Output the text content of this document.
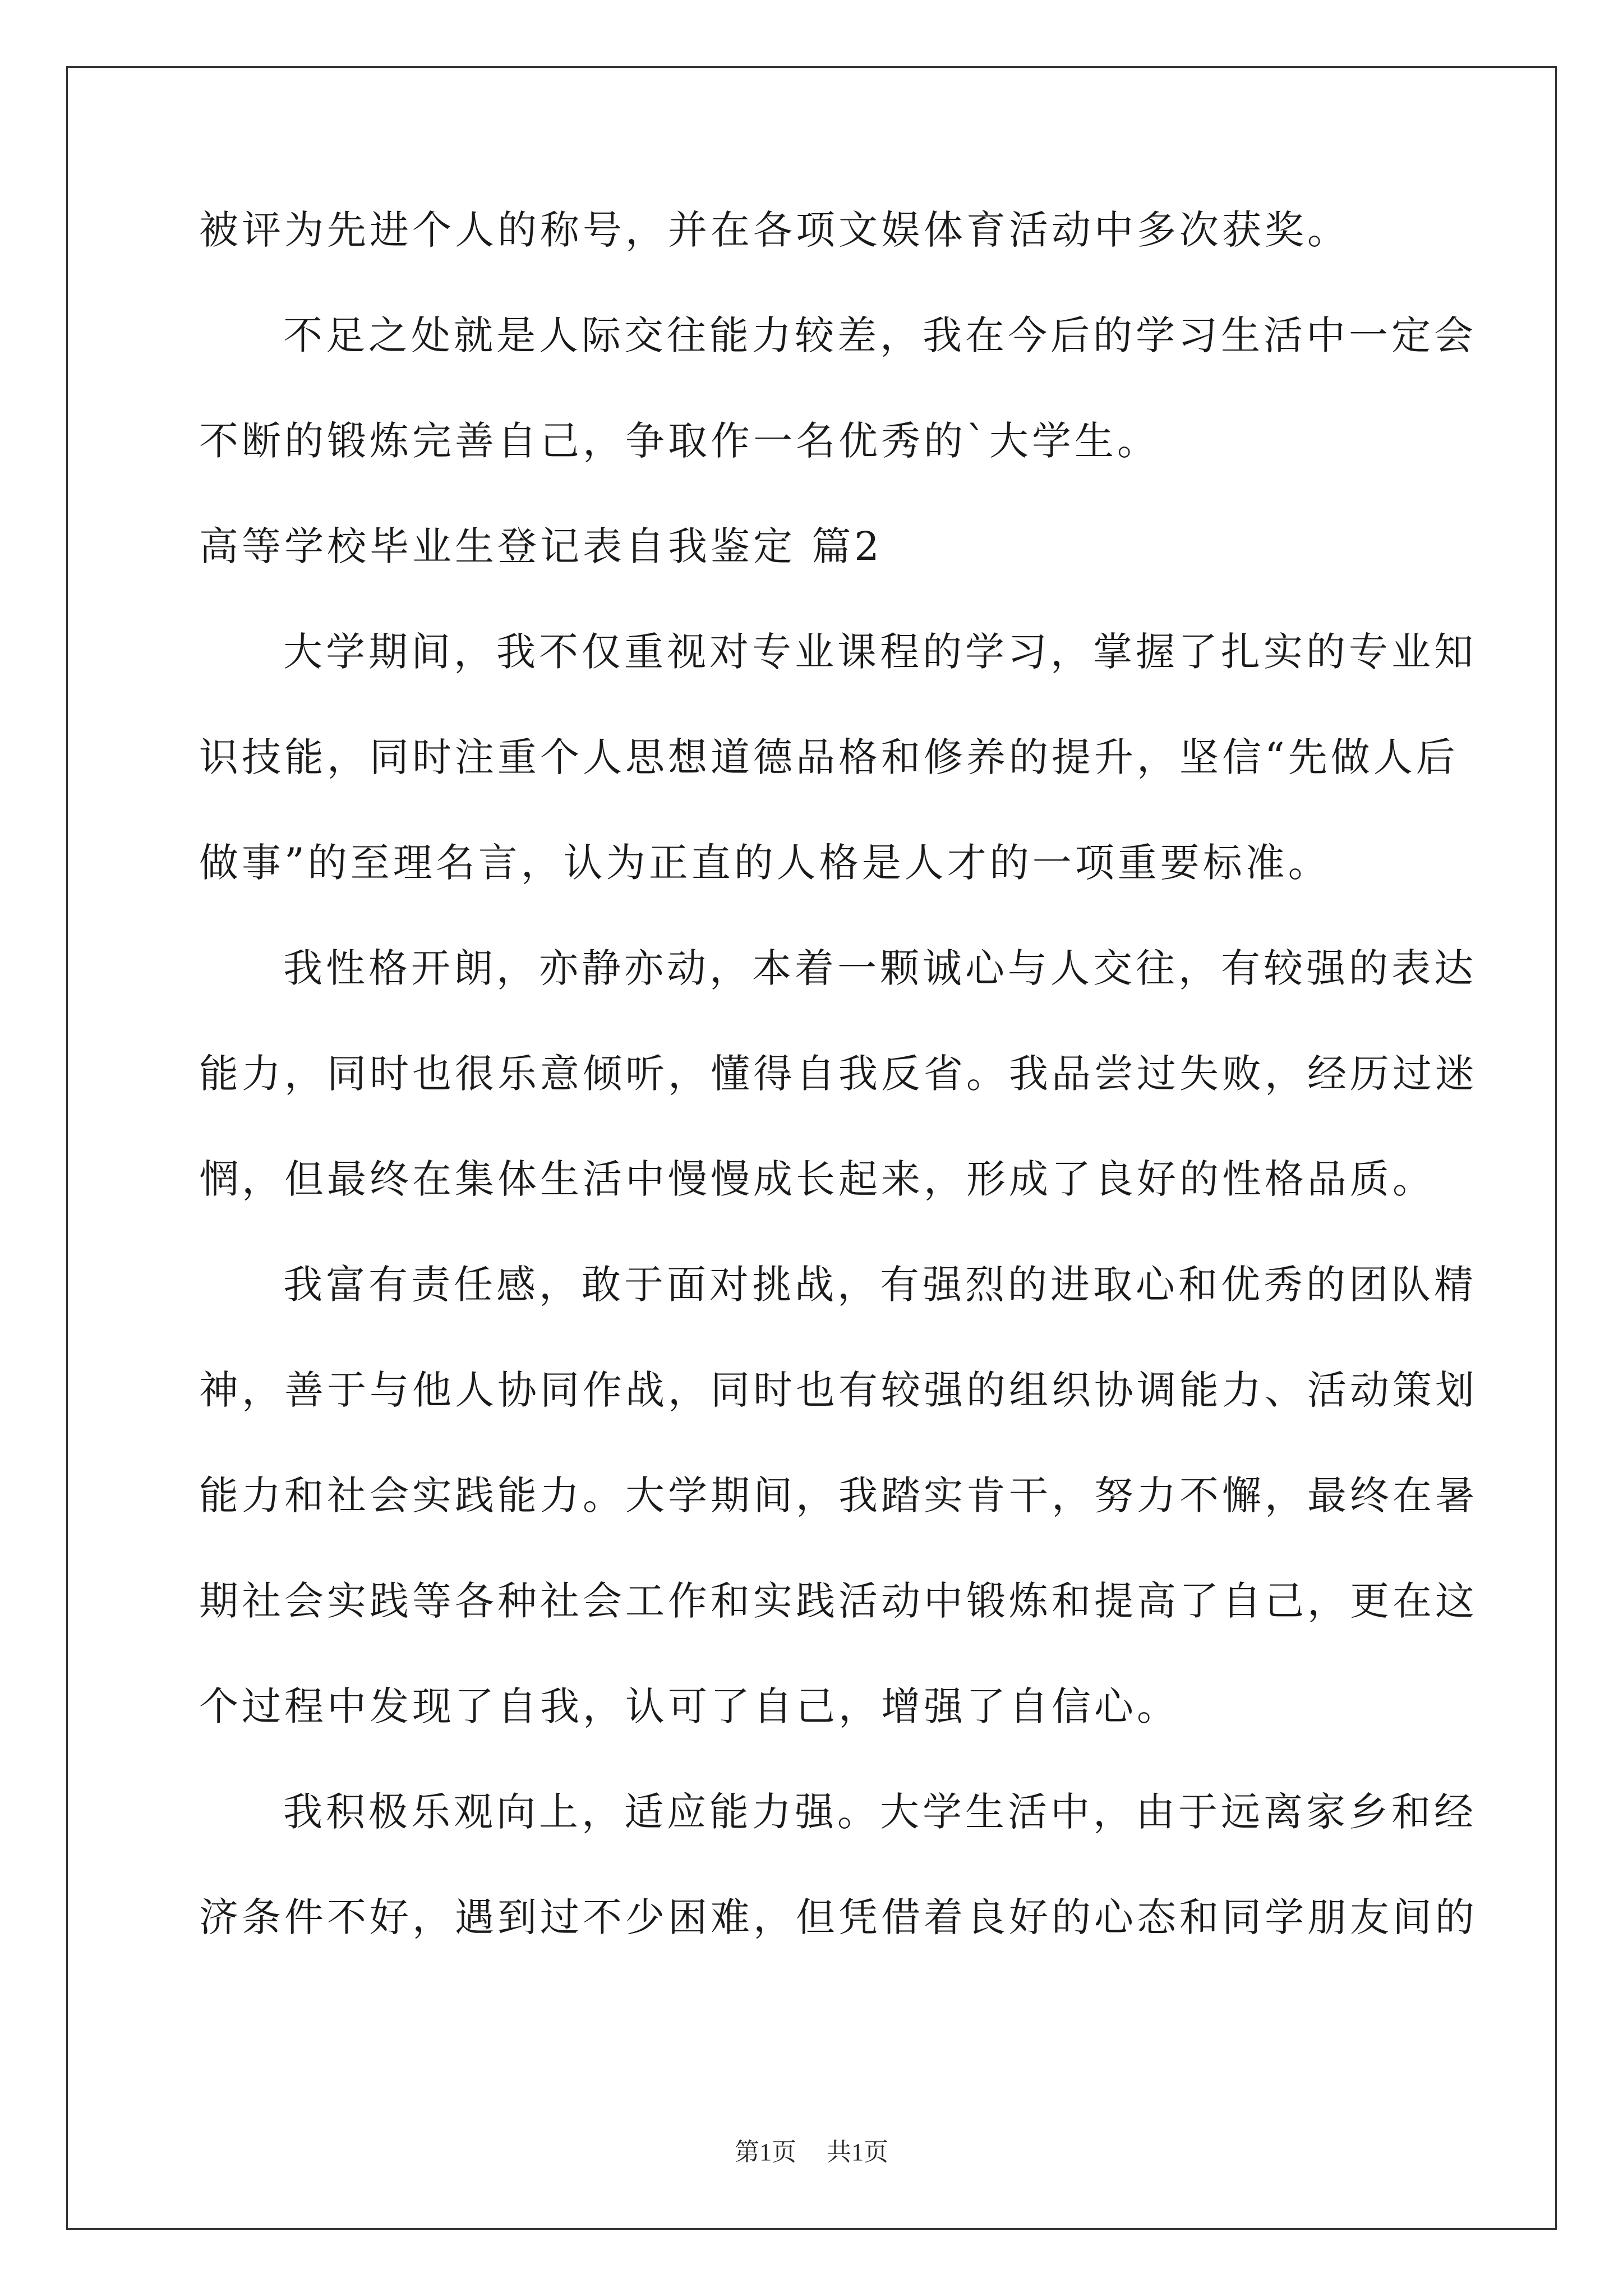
被评为先进个人的称号，并在各项文娱体育活动中多次获奖。

不足之处就是人际交往能力较差，我在今后的学习生活中一定会

不断的锻炼完善自己，争取作一名优秀的`大学生。

高等学校毕业生登记表自我鉴定 篇2

大学期间，我不仅重视对专业课程的学习，掌握了扎实的专业知

识技能，同时注重个人思想道德品格和修养的提升，坚信“先做人后

做事”的至理名言，认为正直的人格是人才的一项重要标准。

我性格开朗，亦静亦动，本着一颗诚心与人交往，有较强的表达

能力，同时也很乐意倾听，懂得自我反省。我品尝过失败，经历过迷

惘，但最终在集体生活中慢慢成长起来，形成了良好的性格品质。

我富有责任感，敢于面对挑战，有强烈的进取心和优秀的团队精

神，善于与他人协同作战，同时也有较强的组织协调能力、活动策划

能力和社会实践能力。大学期间，我踏实肯干，努力不懈，最终在暑

期社会实践等各种社会工作和实践活动中锻炼和提高了自己，更在这

个过程中发现了自我，认可了自己，增强了自信心。

我积极乐观向上，适应能力强。大学生活中，由于远离家乡和经

济条件不好，遇到过不少困难，但凭借着良好的心态和同学朋友间的

第1页 共1页
